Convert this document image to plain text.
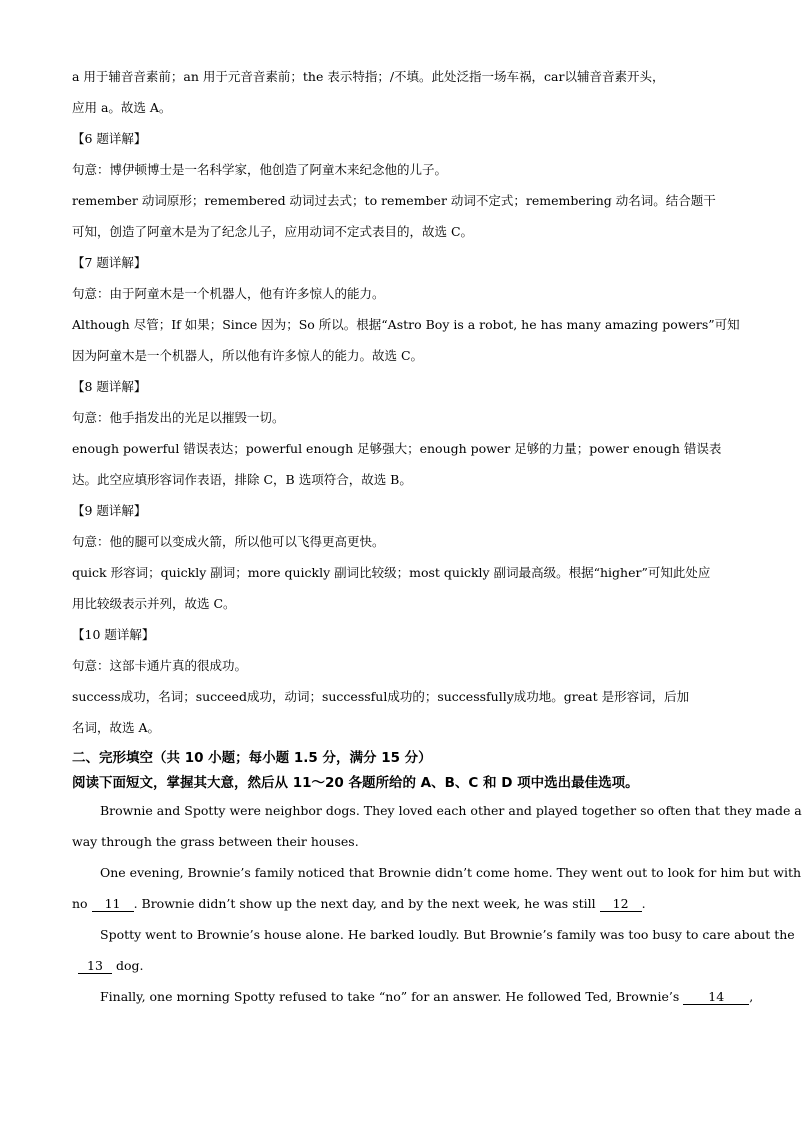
a 用于辅音音素前；an 用于元音音素前；the 表示特指；/不填。此处泛指一场车祸，car以辅音音素开头，
应用 a。故选 A。
【6 题详解】
句意：博伊顿博士是一名科学家，他创造了阿童木来纪念他的儿子。
remember 动词原形；remembered 动词过去式；to remember 动词不定式；remembering 动名词。结合题干
可知，创造了阿童木是为了纪念儿子，应用动词不定式表目的，故选 C。
【7 题详解】
句意：由于阿童木是一个机器人，他有许多惊人的能力。
Although 尽管；If 如果；Since 因为；So 所以。根据“Astro Boy is a robot, he has many amazing powers”可知
因为阿童木是一个机器人，所以他有许多惊人的能力。故选 C。
【8 题详解】
句意：他手指发出的光足以摧毁一切。
enough powerful 错误表达；powerful enough 足够强大；enough power 足够的力量；power enough 错误表
达。此空应填形容词作表语，排除 C，B 选项符合，故选 B。
【9 题详解】
句意：他的腿可以变成火箭，所以他可以飞得更高更快。
quick 形容词；quickly 副词；more quickly 副词比较级；most quickly 副词最高级。根据“higher”可知此处应
用比较级表示并列，故选 C。
【10 题详解】
句意：这部卡通片真的很成功。
success成功，名词；succeed成功，动词；successful成功的；successfully成功地。great 是形容词，后加
名词，故选 A。
二、完形填空（共 10 小题；每小题 1.5 分，满分 15 分）
阅读下面短文，掌握其大意，然后从 11～20 各题所给的 A、B、C 和 D 项中选出最佳选项。
Brownie and Spotty were neighbor dogs. They loved each other and played together so often that they made a
way through the grass between their houses.
One evening, Brownie’s family noticed that Brownie didn’t come home. They went out to look for him but with
no 11 . Brownie didn’t show up the next day, and by the next week, he was still 12 .
Spotty went to Brownie’s house alone. He barked loudly. But Brownie’s family was too busy to care about the
13 dog.
Finally, one morning Spotty refused to take “no” for an answer. He followed Ted, Brownie’s 14 ,
